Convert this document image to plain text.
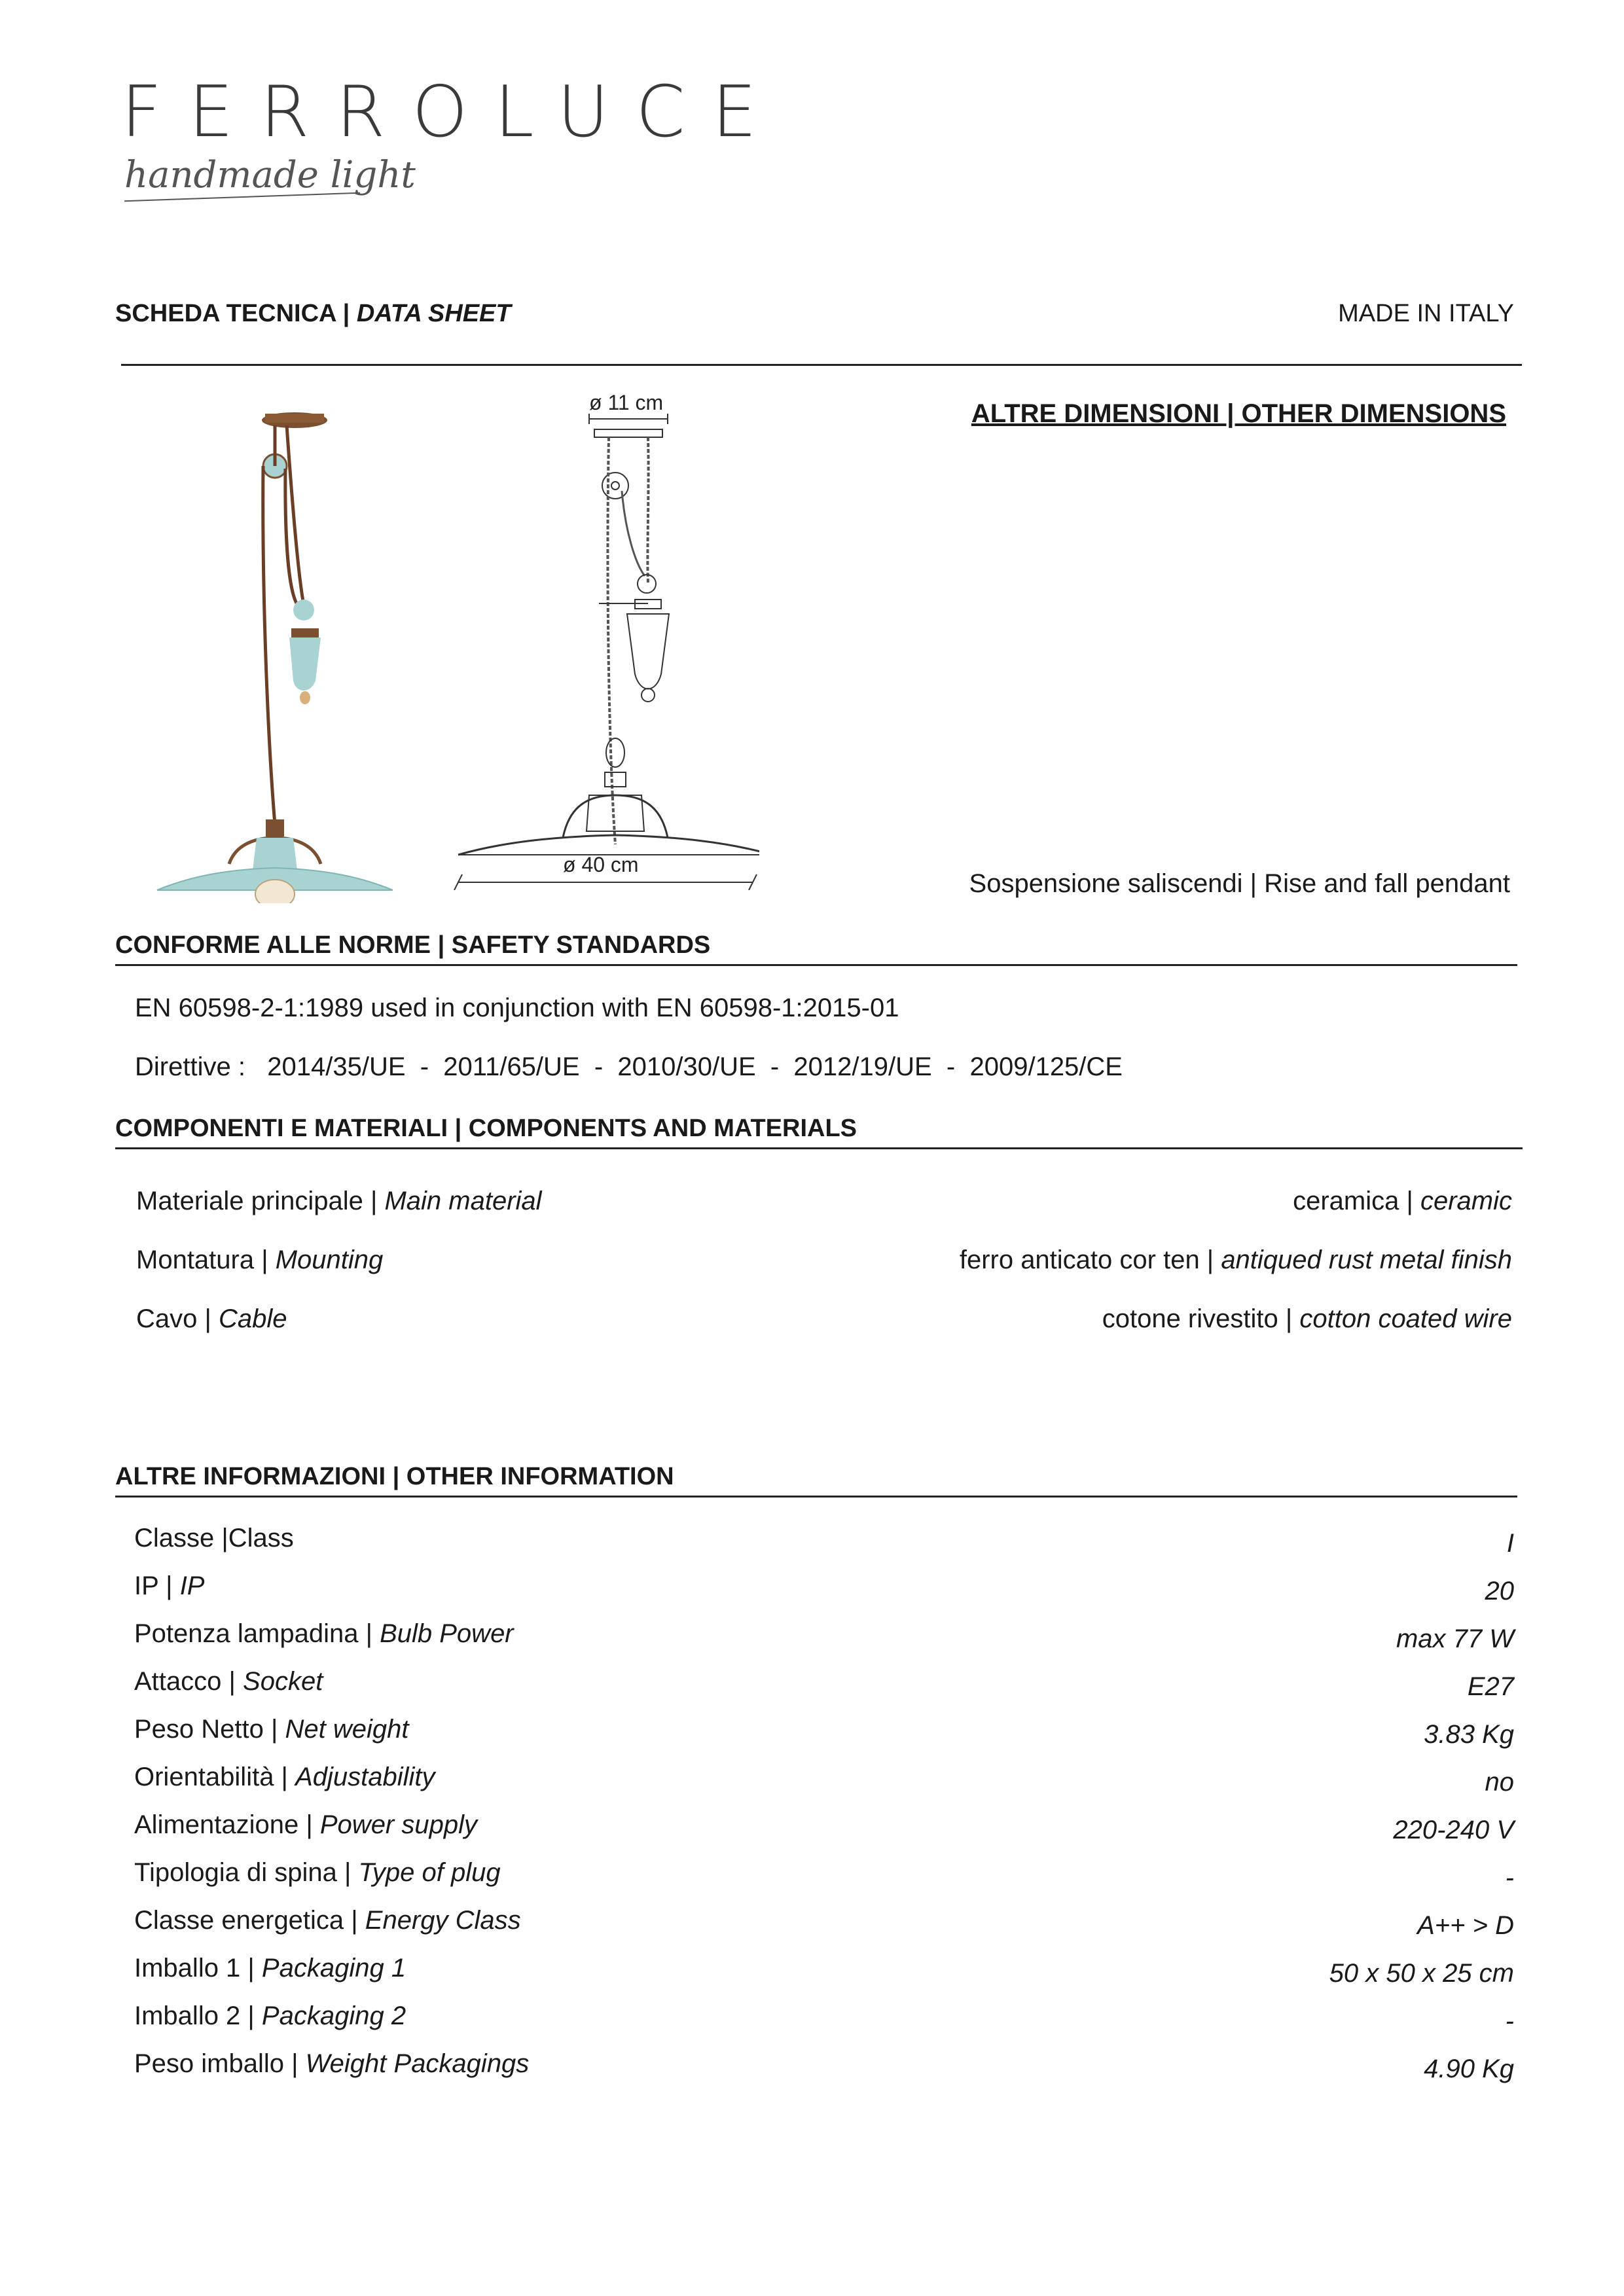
FERROLUCE
handmade light
SCHEDA TECNICA | DATA SHEET	MADE IN ITALY
ø 11 cm
ø 40 cm
ALTRE DIMENSIONI | OTHER DIMENSIONS
Sospensione saliscendi | Rise and fall pendant
CONFORME ALLE NORME | SAFETY STANDARDS
EN 60598-2-1:1989 used in conjunction with EN 60598-1:2015-01
Direttive :   2014/35/UE  -  2011/65/UE  -  2010/30/UE  -  2012/19/UE  -  2009/125/CE
COMPONENTI E MATERIALI | COMPONENTS AND MATERIALS
Materiale principale | Main material	ceramica | ceramic
Montatura | Mounting	ferro anticato cor ten | antiqued rust metal finish
Cavo | Cable	cotone rivestito | cotton coated wire
ALTRE INFORMAZIONI | OTHER INFORMATION
Classe |Class	I
IP | IP	20
Potenza lampadina | Bulb Power	max 77 W
Attacco | Socket	E27
Peso Netto | Net weight	3.83 Kg
Orientabilità | Adjustability	no
Alimentazione | Power supply	220-240 V
Tipologia di spina | Type of plug	-
Classe energetica | Energy Class	A++ > D
Imballo 1 | Packaging 1	50 x 50 x 25 cm
Imballo 2 | Packaging 2	-
Peso imballo | Weight Packagings	4.90 Kg
